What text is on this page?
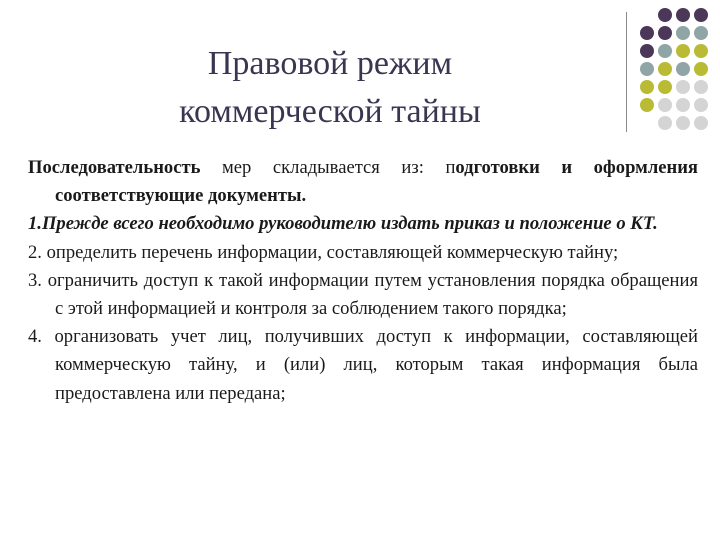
Правовой режим
коммерческой тайны

Последовательность мер складывается из: подготовки и оформления соответствующие документы.

1.Прежде всего необходимо руководителю издать приказ и положение о КТ.

2. определить перечень информации, составляющей коммерческую тайну;

3. ограничить доступ к такой информации путем установления порядка обращения с этой информацией и контроля за соблюдением такого порядка;

4. организовать учет лиц, получивших доступ к информации, составляющей коммерческую тайну, и (или) лиц, которым такая информация была предоставлена или передана;
